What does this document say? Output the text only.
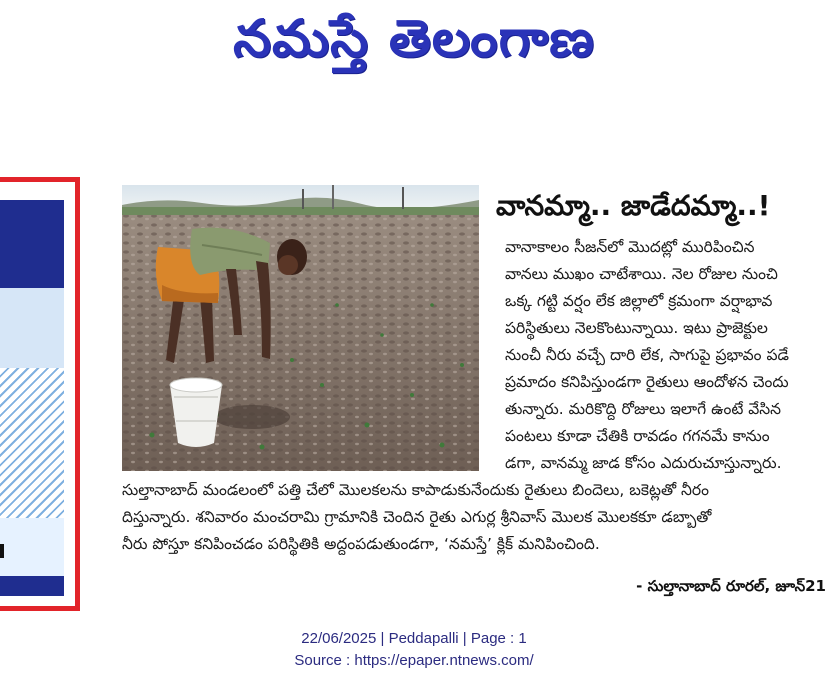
నమస్తే తెలంగాణ
వానమ్మా.. జాడేదమ్మా..!
వానాకాలం సీజన్‌లో మొదట్లో మురిపించిన
వానలు ముఖం చాటేశాయి. నెల రోజుల నుంచి
ఒక్క గట్టి వర్షం లేక జిల్లాలో క్రమంగా వర్షాభావ
పరిస్థితులు నెలకొంటున్నాయి. ఇటు ప్రాజెక్టుల
నుంచీ నీరు వచ్చే దారి లేక, సాగుపై ప్రభావం పడే
ప్రమాదం కనిపిస్తుండగా రైతులు ఆందోళన చెందు
తున్నారు. మరికొద్ది రోజులు ఇలాగే ఉంటే వేసిన
పంటలు కూడా చేతికి రావడం గగనమే కానుం
డగా, వానమ్మ జాడ కోసం ఎదురుచూస్తున్నారు.
సుల్తానాబాద్ మండలంలో పత్తి చేలో మొలకలను కాపాడుకునేందుకు రైతులు బిందెలు, బకెట్లతో నీరం
దిస్తున్నారు. శనివారం మంచరామి గ్రామానికి చెందిన రైతు ఎగుర్ల శ్రీనివాస్ మొలక మొలకకూ డబ్బాతో
నీరు పోస్తూ కనిపించడం పరిస్థితికి అద్దంపడుతుండగా, ‘నమస్తే’ క్లిక్ మనిపించింది.
- సుల్తానాబాద్ రూరల్, జూన్21
22/06/2025 | Peddapalli | Page : 1
Source : https://epaper.ntnews.com/
